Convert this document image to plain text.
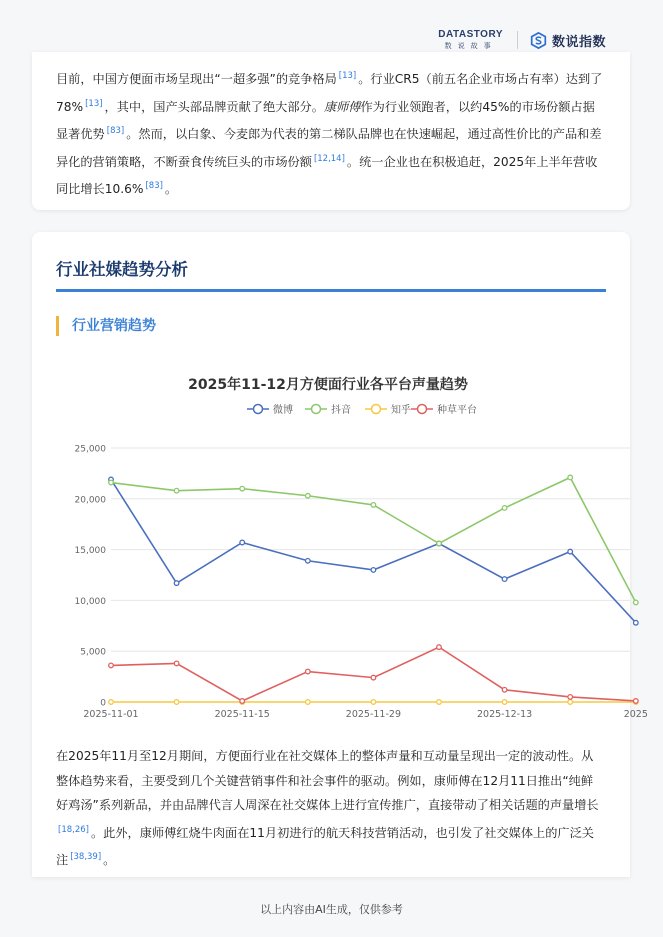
DATASTORY
数说故事	数说指数
目前，中国方便面市场呈现出“一超多强”的竞争格局 [13] 。行业CR5（前五名企业市场占有率）达到了78% [13] ，其中，国产头部品牌贡献了绝大部分。康师傅作为行业领跑者，以约45%的市场份额占据显著优势 [83] 。然而，以白象、今麦郎为代表的第二梯队品牌也在快速崛起，通过高性价比的产品和差异化的营销策略，不断蚕食传统巨头的市场份额 [12,14] 。统一企业也在积极追赶，2025年上半年营收同比增长10.6% [83] 。
行业社媒趋势分析
行业营销趋势
2025年11-12月方便面行业各平台声量趋势
微博	抖音	知乎	种草平台
0
5,000
10,000
15,000
20,000
25,000
2025-11-01	2025-11-15	2025-11-29	2025-12-13	2025
在2025年11月至12月期间，方便面行业在社交媒体上的整体声量和互动量呈现出一定的波动性。从整体趋势来看，主要受到几个关键营销事件和社会事件的驱动。例如，康师傅在12月11日推出“纯鲜好鸡汤”系列新品，并由品牌代言人周深在社交媒体上进行宣传推广，直接带动了相关话题的声量增长[18,26] 。此外，康师傅红烧牛肉面在11月初进行的航天科技营销活动，也引发了社交媒体上的广泛关注 [38,39] 。
以上内容由AI生成，仅供参考
